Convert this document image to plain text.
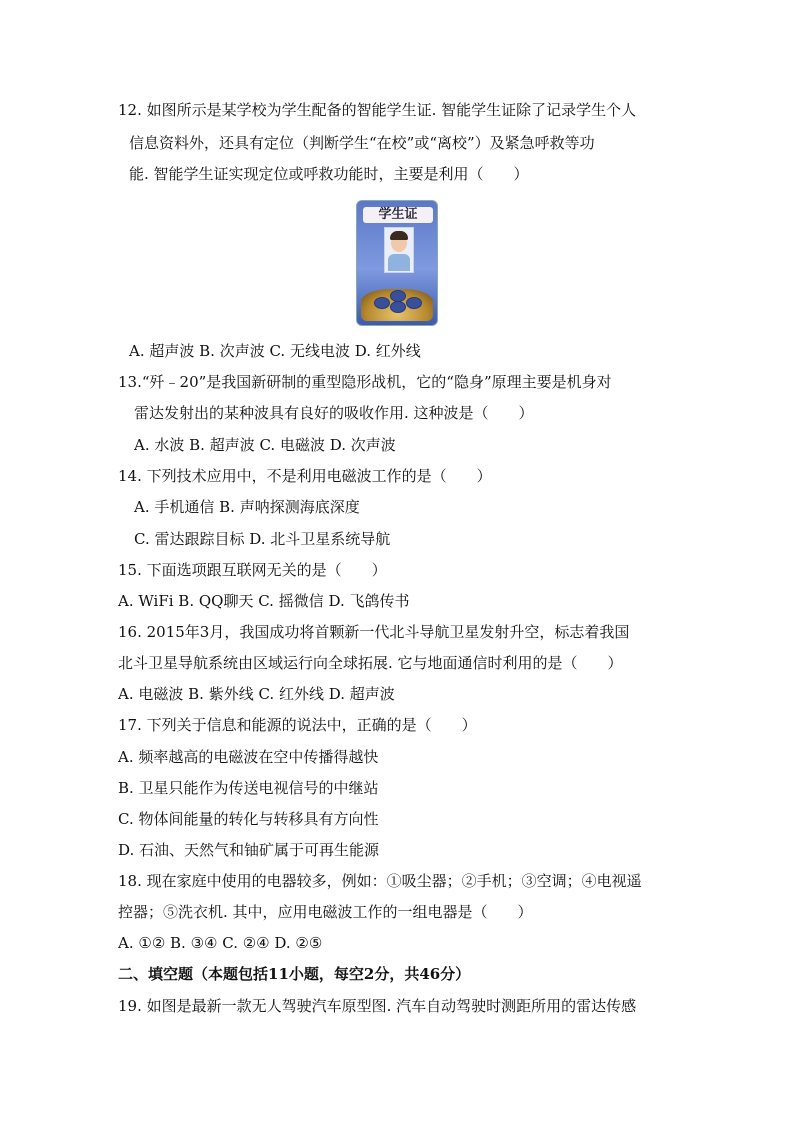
12. 如图所示是某学校为学生配备的智能学生证. 智能学生证除了记录学生个人
信息资料外，还具有定位（判断学生“在校”或“离校”）及紧急呼救等功
能. 智能学生证实现定位或呼救功能时，主要是利用（　　）
学生证
A. 超声波 B. 次声波 C. 无线电波 D. 红外线
13.“歼﹣20”是我国新研制的重型隐形战机，它的“隐身”原理主要是机身对
雷达发射出的某种波具有良好的吸收作用. 这种波是（　　）
A. 水波 B. 超声波 C. 电磁波 D. 次声波
14. 下列技术应用中，不是利用电磁波工作的是（　　）
A. 手机通信 B. 声呐探测海底深度
C. 雷达跟踪目标 D. 北斗卫星系统导航
15. 下面选项跟互联网无关的是（　　）
A. WiFi B. QQ聊天 C. 摇微信 D. 飞鸽传书
16. 2015年3月，我国成功将首颗新一代北斗导航卫星发射升空，标志着我国
北斗卫星导航系统由区域运行向全球拓展. 它与地面通信时利用的是（　　）
A. 电磁波 B. 紫外线 C. 红外线 D. 超声波
17. 下列关于信息和能源的说法中，正确的是（　　）
A. 频率越高的电磁波在空中传播得越快
B. 卫星只能作为传送电视信号的中继站
C. 物体间能量的转化与转移具有方向性
D. 石油、天然气和铀矿属于可再生能源
18. 现在家庭中使用的电器较多，例如：①吸尘器；②手机；③空调；④电视遥
控器；⑤洗衣机. 其中，应用电磁波工作的一组电器是（　　）
A. ①② B. ③④ C. ②④ D. ②⑤
二、填空题（本题包括11小题，每空2分，共46分）
19. 如图是最新一款无人驾驶汽车原型图. 汽车自动驾驶时测距所用的雷达传感
